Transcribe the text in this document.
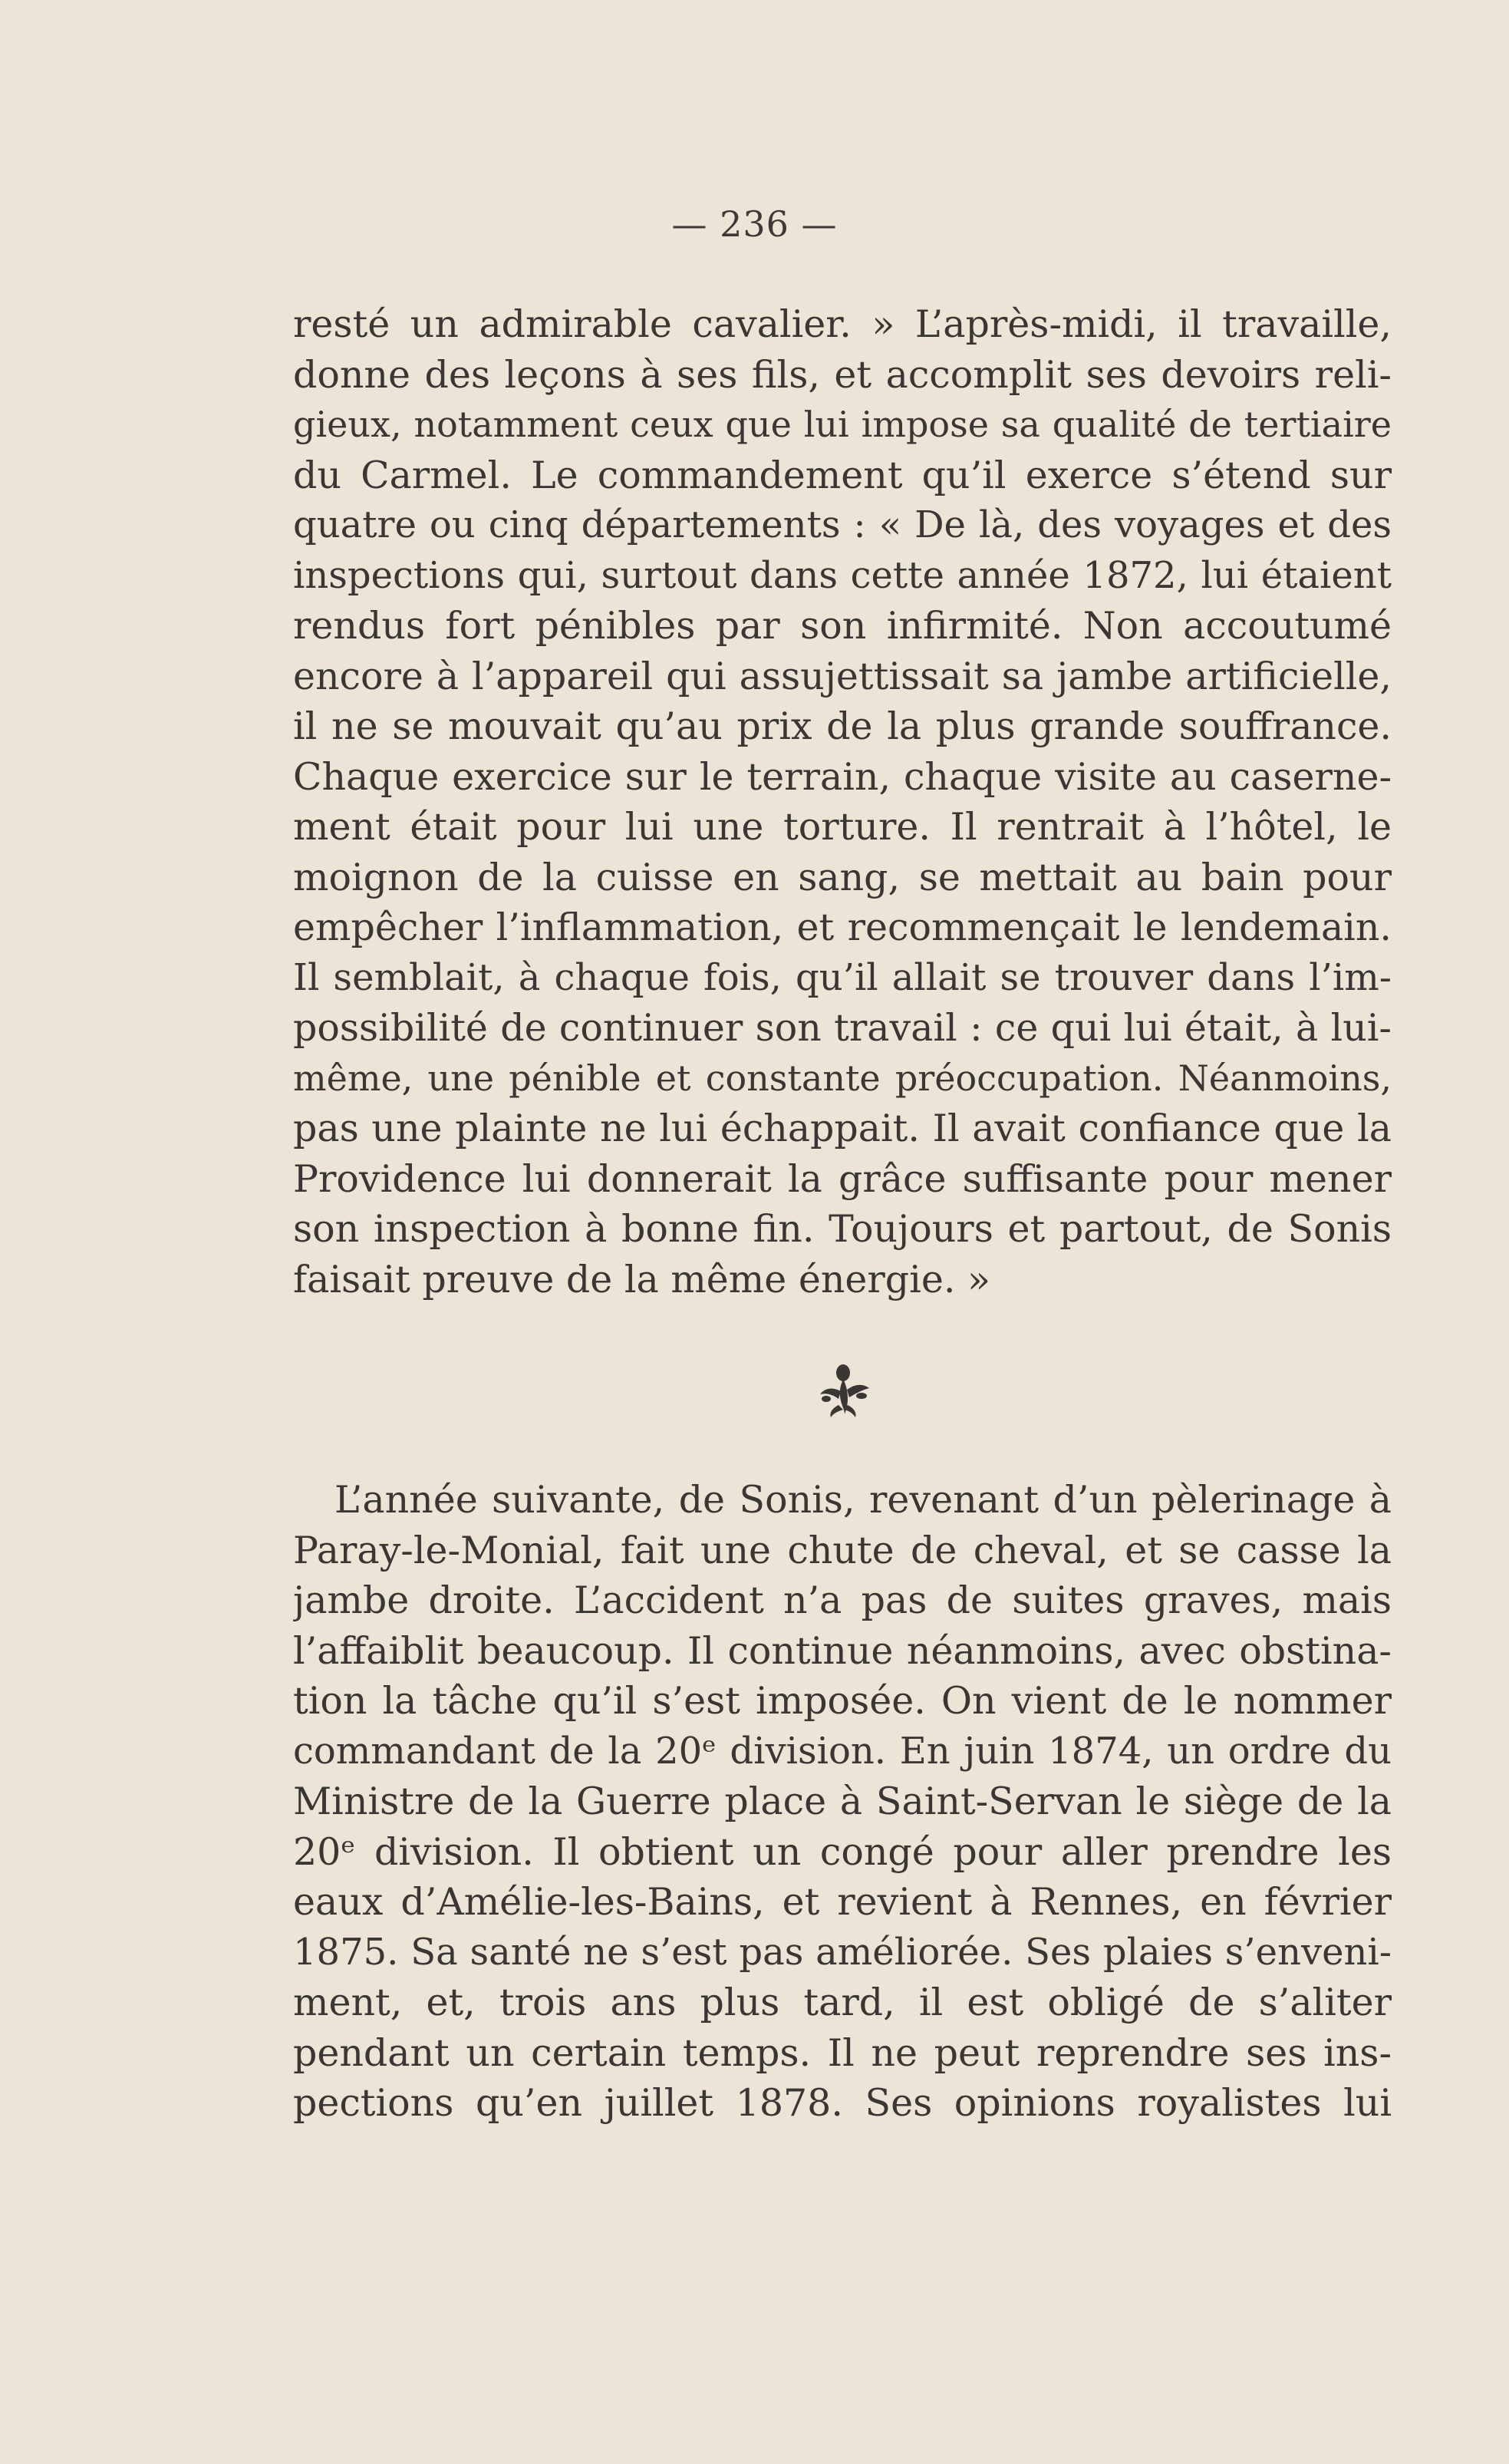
— 236 —
resté un admirable cavalier. » L’après-midi, il travaille,
donne des leçons à ses fils, et accomplit ses devoirs reli-
gieux, notamment ceux que lui impose sa qualité de tertiaire
du Carmel. Le commandement qu’il exerce s’étend sur
quatre ou cinq départements : « De là, des voyages et des
inspections qui, surtout dans cette année 1872, lui étaient
rendus fort pénibles par son infirmité. Non accoutumé
encore à l’appareil qui assujettissait sa jambe artificielle,
il ne se mouvait qu’au prix de la plus grande souffrance.
Chaque exercice sur le terrain, chaque visite au caserne-
ment était pour lui une torture. Il rentrait à l’hôtel, le
moignon de la cuisse en sang, se mettait au bain pour
empêcher l’inflammation, et recommençait le lendemain.
Il semblait, à chaque fois, qu’il allait se trouver dans l’im-
possibilité de continuer son travail : ce qui lui était, à lui-
même, une pénible et constante préoccupation. Néanmoins,
pas une plainte ne lui échappait. Il avait confiance que la
Providence lui donnerait la grâce suffisante pour mener
son inspection à bonne fin. Toujours et partout, de Sonis
faisait preuve de la même énergie. »
L’année suivante, de Sonis, revenant d’un pèlerinage à
Paray-le-Monial, fait une chute de cheval, et se casse la
jambe droite. L’accident n’a pas de suites graves, mais
l’affaiblit beaucoup. Il continue néanmoins, avec obstina-
tion la tâche qu’il s’est imposée. On vient de le nommer
commandant de la 20ᵉ division. En juin 1874, un ordre du
Ministre de la Guerre place à Saint-Servan le siège de la
20ᵉ division. Il obtient un congé pour aller prendre les
eaux d’Amélie-les-Bains, et revient à Rennes, en février
1875. Sa santé ne s’est pas améliorée. Ses plaies s’enveni-
ment, et, trois ans plus tard, il est obligé de s’aliter
pendant un certain temps. Il ne peut reprendre ses ins-
pections qu’en juillet 1878. Ses opinions royalistes lui
